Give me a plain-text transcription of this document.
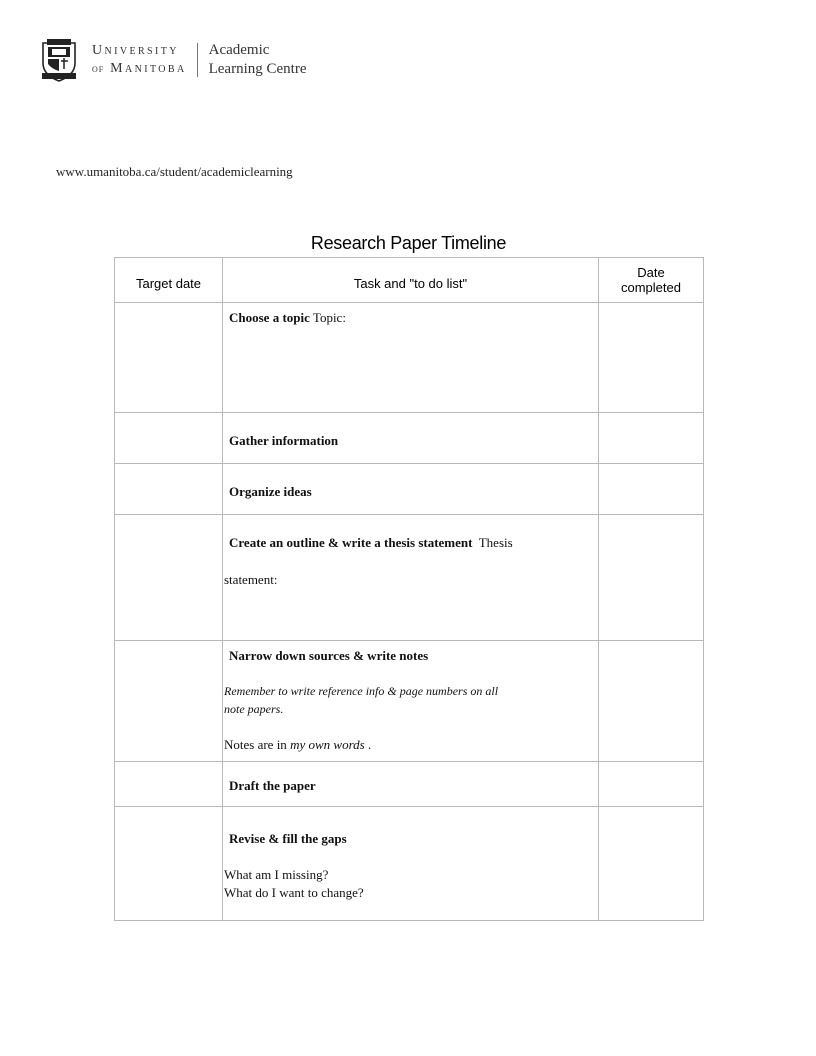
University
of Manitoba
Academic
Learning Centre
www.umanitoba.ca/student/academiclearning
Research Paper Timeline
Target date	Task and "to do list"	Date completed

	Choose a topic Topic:	

	Gather information	

	Organize ideas	

	Create an outline & write a thesis statement Thesis
statement:	

	Narrow down sources & write notes
Remember to write reference info & page numbers on all
note papers.
Notes are in my own words .	

	Draft the paper	

	Revise & fill the gaps
What am I missing?
What do I want to change?	
